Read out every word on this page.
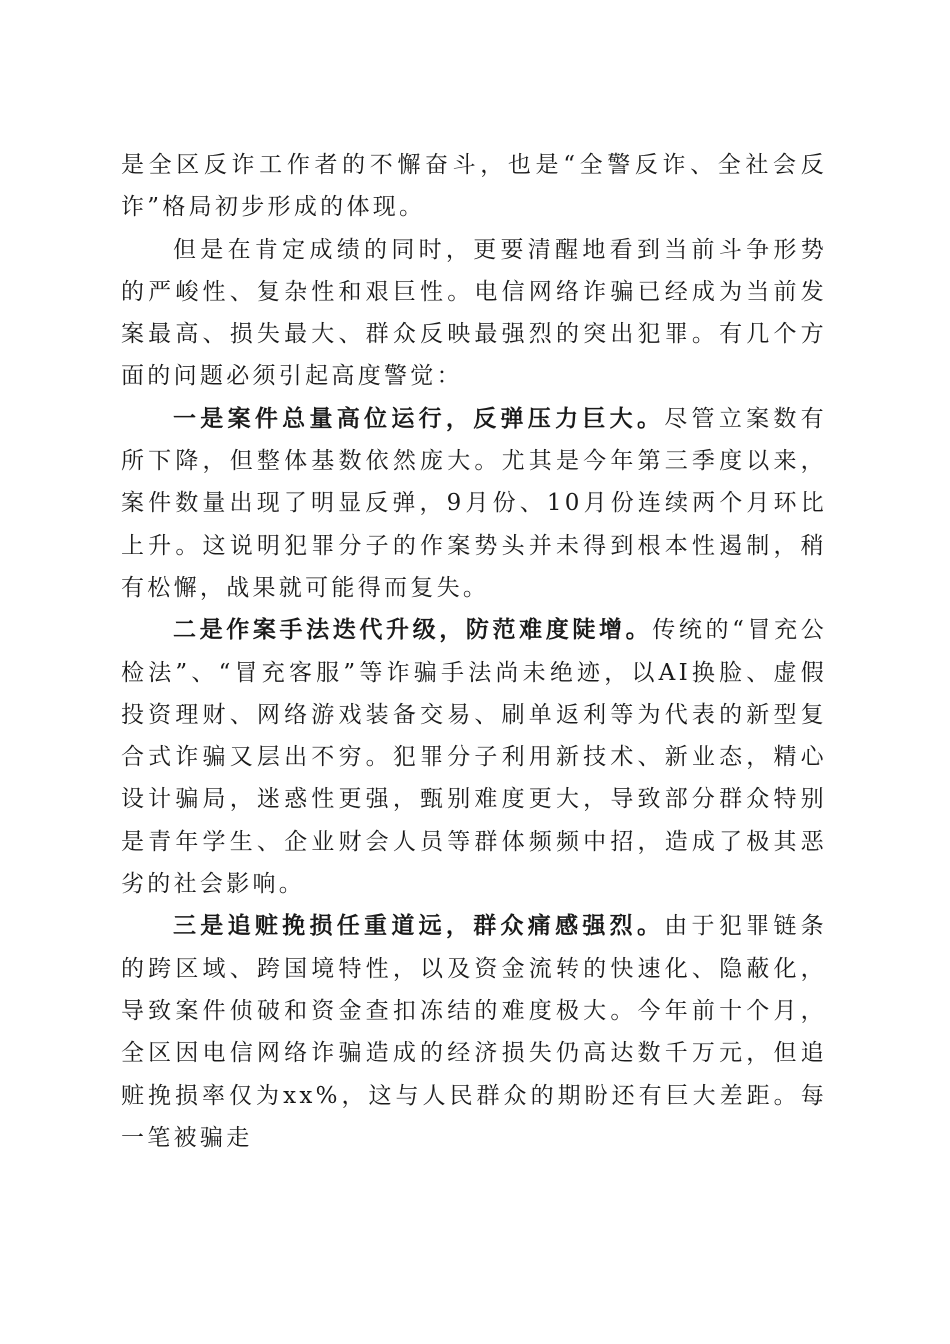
是全区反诈工作者的不懈奋斗，也是“全警反诈、全社会反诈”格局初步形成的体现。

但是在肯定成绩的同时，更要清醒地看到当前斗争形势的严峻性、复杂性和艰巨性。电信网络诈骗已经成为当前发案最高、损失最大、群众反映最强烈的突出犯罪。有几个方面的问题必须引起高度警觉：

一是案件总量高位运行，反弹压力巨大。尽管立案数有所下降，但整体基数依然庞大。尤其是今年第三季度以来，案件数量出现了明显反弹，9月份、10月份连续两个月环比上升。这说明犯罪分子的作案势头并未得到根本性遏制，稍有松懈，战果就可能得而复失。

二是作案手法迭代升级，防范难度陡增。传统的“冒充公检法”、“冒充客服”等诈骗手法尚未绝迹，以AI换脸、虚假投资理财、网络游戏装备交易、刷单返利等为代表的新型复合式诈骗又层出不穷。犯罪分子利用新技术、新业态，精心设计骗局，迷惑性更强，甄别难度更大，导致部分群众特别是青年学生、企业财会人员等群体频频中招，造成了极其恶劣的社会影响。

三是追赃挽损任重道远，群众痛感强烈。由于犯罪链条的跨区域、跨国境特性，以及资金流转的快速化、隐蔽化，导致案件侦破和资金查扣冻结的难度极大。今年前十个月，全区因电信网络诈骗造成的经济损失仍高达数千万元，但追赃挽损率仅为xx%，这与人民群众的期盼还有巨大差距。每一笔被骗走
